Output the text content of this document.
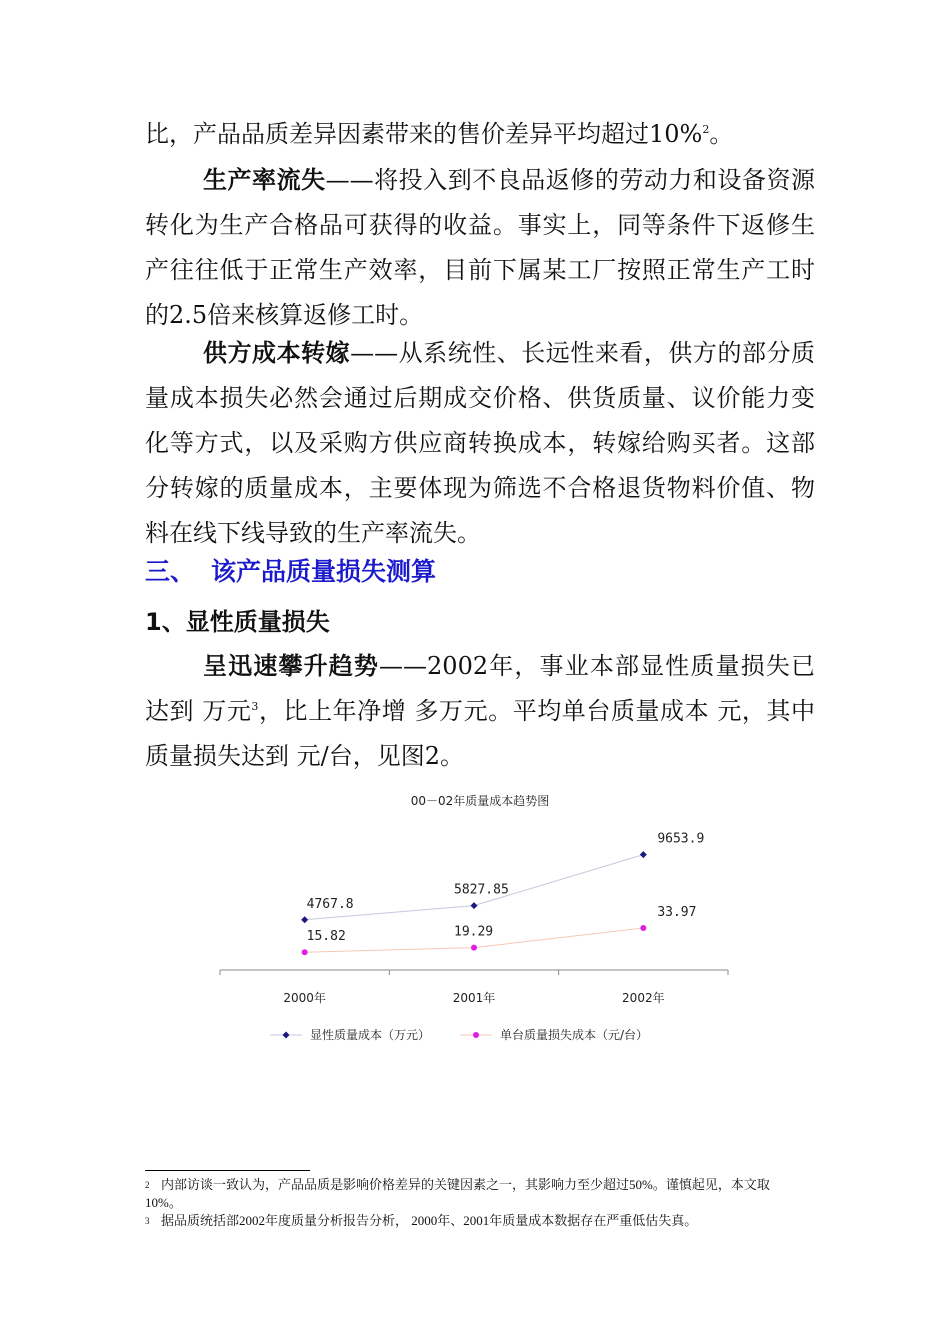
比，产品品质差异因素带来的售价差异平均超过10%$^2$。
生产率流失——将投入到不良品返修的劳动力和设备资源转化为生产合格品可获得的收益。事实上，同等条件下返修生产往往低于正常生产效率，目前下属某工厂按照正常生产工时的2.5倍来核算返修工时。
供方成本转嫁——从系统性、长远性来看，供方的部分质量成本损失必然会通过后期成交价格、供货质量、议价能力变化等方式，以及采购方供应商转换成本，转嫁给购买者。这部分转嫁的质量成本，主要体现为筛选不合格退货物料价值、物料在线下线导致的生产率流失。
三、 该产品质量损失测算
1、显性质量损失
呈迅速攀升趋势——2002年，事业本部显性质量损失已达到 万元$^3$，比上年净增 多万元。平均单台质量成本 元，其中质量损失达到 元/台，见图2。
00－02年质量成本趋势图
2000年	2001年	2002年
4767.8
5827.85
9653.9
15.82	19.29
33.97
显性质量成本（万元）	单台质量损失成本（元/台）
2 内部访谈一致认为，产品品质是影响价格差异的关键因素之一，其影响力至少超过50%。谨慎起见，本文取10%。
3 据品质统括部2002年度质量分析报告分析， 2000年、2001年质量成本数据存在严重低估失真。
